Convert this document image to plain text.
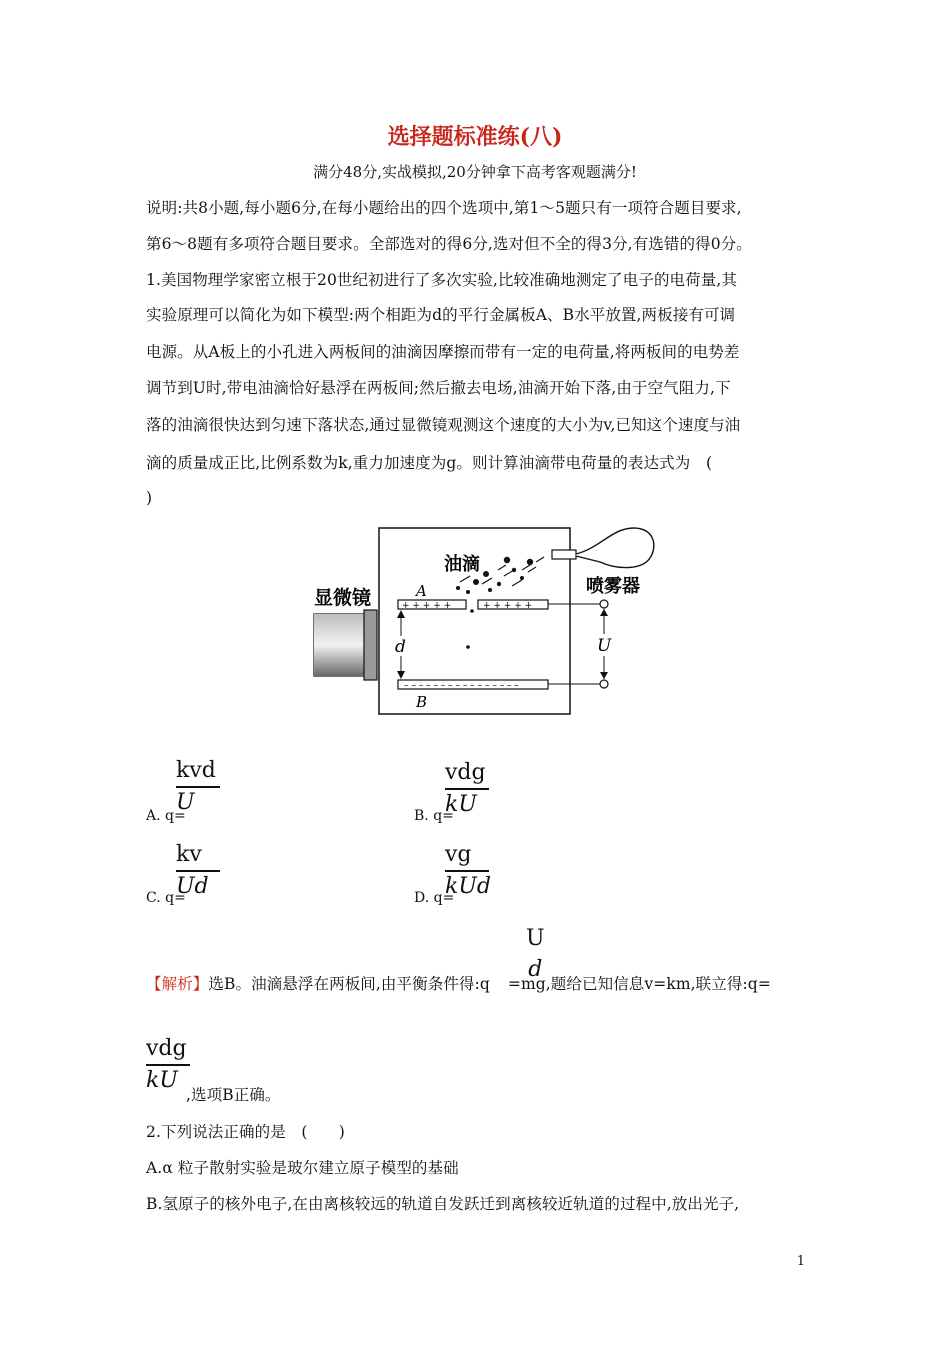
选择题标准练(八)
满分48分,实战模拟,20分钟拿下高考客观题满分!
说明:共8小题,每小题6分,在每小题给出的四个选项中,第1～5题只有一项符合题目要求,
第6～8题有多项符合题目要求。全部选对的得6分,选对但不全的得3分,有选错的得0分。
1.美国物理学家密立根于20世纪初进行了多次实验,比较准确地测定了电子的电荷量,其
实验原理可以简化为如下模型:两个相距为d的平行金属板A、B水平放置,两板接有可调
电源。从A板上的小孔进入两板间的油滴因摩擦而带有一定的电荷量,将两板间的电势差
调节到U时,带电油滴恰好悬浮在两板间;然后撤去电场,油滴开始下落,由于空气阻力,下
落的油滴很快达到匀速下落状态,通过显微镜观测这个速度的大小为v,已知这个速度与油
滴的质量成正比,比例系数为k,重力加速度为g。则计算油滴带电荷量的表达式为　(
)
显微镜	+ + + + +	+ + + + +
A
– – – – – – – – – – – – – – – –
B
d	U
油滴
喷雾器
kvd
U
A. q=
vdg
kU
B. q=
kv
Ud
C. q=
vg
kUd
D. q=
【解析】选B。油滴悬浮在两板间,由平衡条件得:q =mg,题给已知信息v=km,联立得:q=
U
d
vdg
kU
,选项B正确。
2.下列说法正确的是　(　　)
A.α 粒子散射实验是玻尔建立原子模型的基础
B.氢原子的核外电子,在由离核较远的轨道自发跃迁到离核较近轨道的过程中,放出光子,
1
